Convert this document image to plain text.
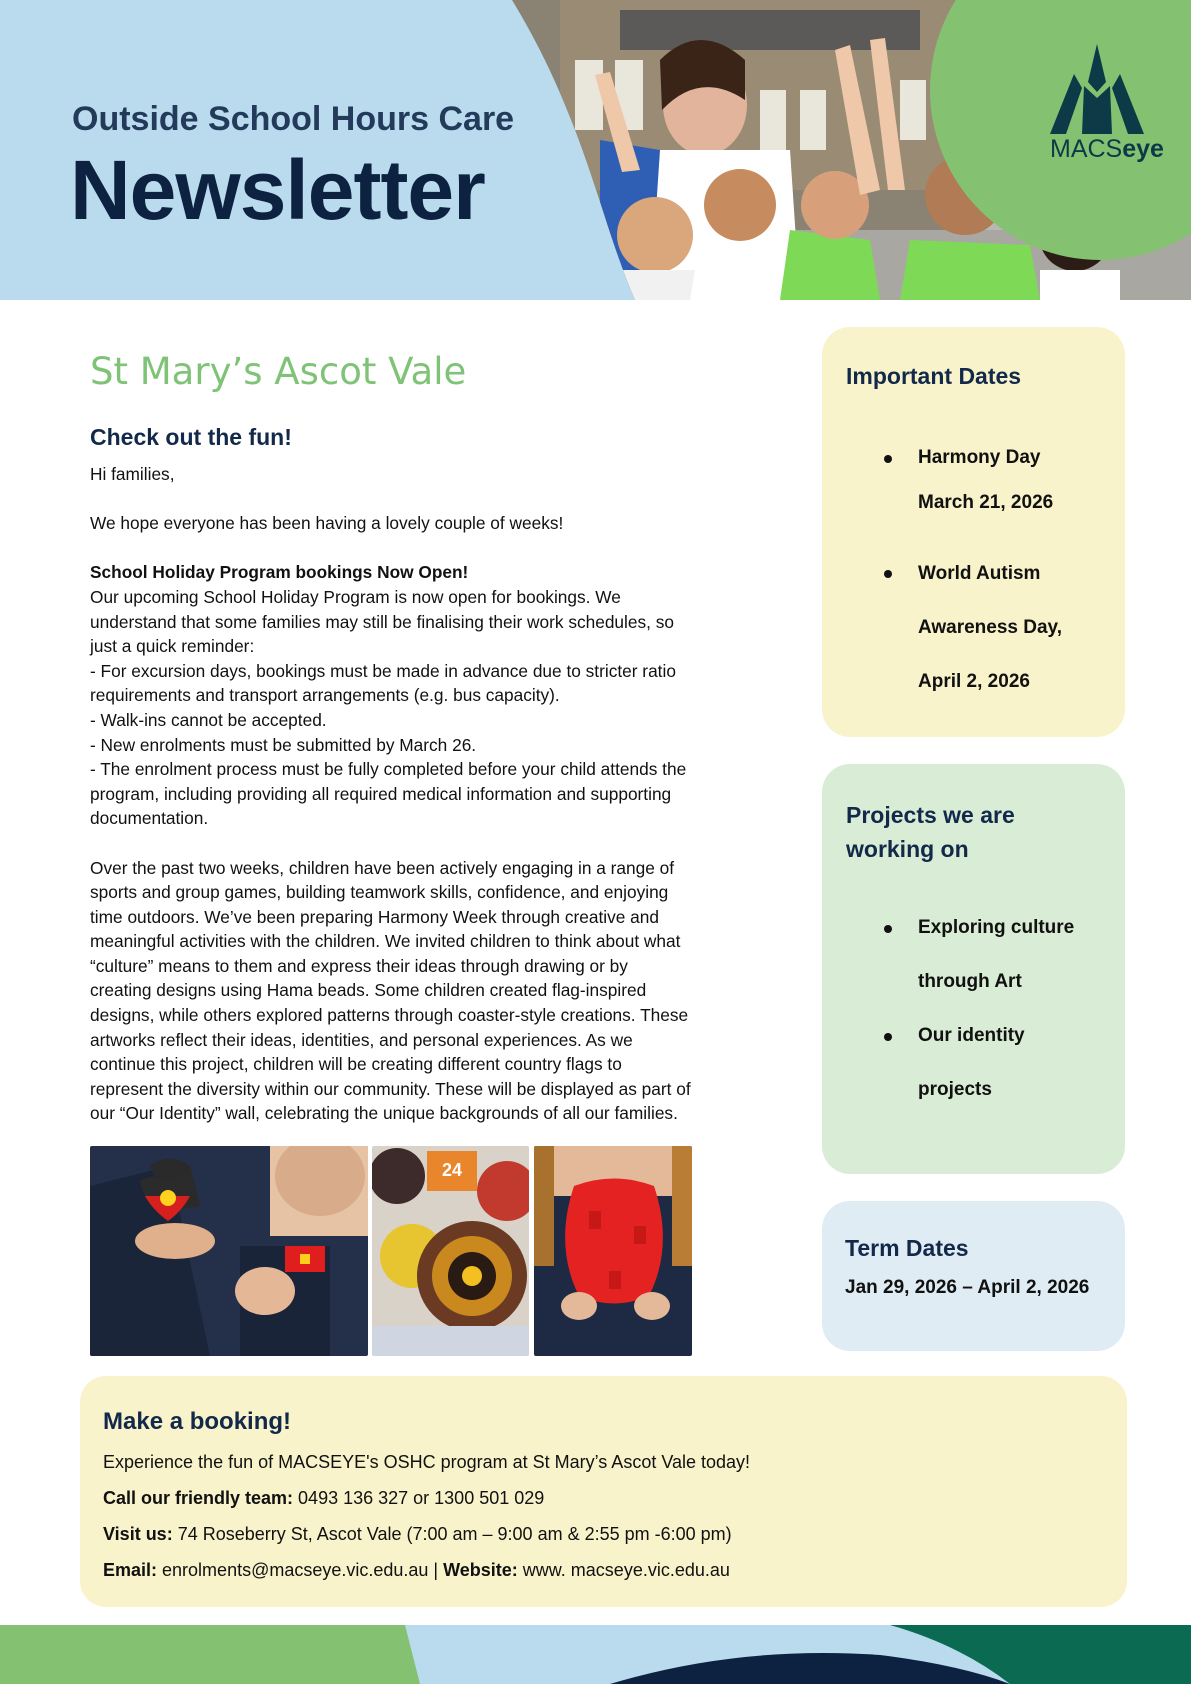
Outside School Hours Care
Newsletter	MACSeye
St Mary’s Ascot Vale
Check out the fun!

Hi families,

We hope everyone has been having a lovely couple of weeks!

School Holiday Program bookings Now Open!

Our upcoming School Holiday Program is now open for bookings. We

understand that some families may still be finalising their work schedules, so

just a quick reminder:

- For excursion days, bookings must be made in advance due to stricter ratio

requirements and transport arrangements (e.g. bus capacity).

- Walk-ins cannot be accepted.

- New enrolments must be submitted by March 26.

- The enrolment process must be fully completed before your child attends the

program, including providing all required medical information and supporting

documentation.

Over the past two weeks, children have been actively engaging in a range of

sports and group games, building teamwork skills, confidence, and enjoying

time outdoors. We’ve been preparing Harmony Week through creative and

meaningful activities with the children. We invited children to think about what

“culture” means to them and express their ideas through drawing or by

creating designs using Hama beads. Some children created flag-inspired

designs, while others explored patterns through coaster-style creations. These

artworks reflect their ideas, identities, and personal experiences. As we

continue this project, children will be creating different country flags to

represent the diversity within our community. These will be displayed as part of

our “Our Identity” wall, celebrating the unique backgrounds of all our families.

24
Important Dates
Harmony Day
March 21, 2026
World Autism
Awareness Day,
April 2, 2026
Projects we are
working on
Exploring culture
through Art
Our identity
projects
Term Dates
Jan 29, 2026 – April 2, 2026
Make a booking!
Experience the fun of MACSEYE's OSHC program at St Mary’s Ascot Vale today!
Call our friendly team: 0493 136 327 or 1300 501 029
Visit us: 74 Roseberry St, Ascot Vale (7:00 am – 9:00 am & 2:55 pm -6:00 pm)
Email: enrolments@macseye.vic.edu.au | Website: www. macseye.vic.edu.au
